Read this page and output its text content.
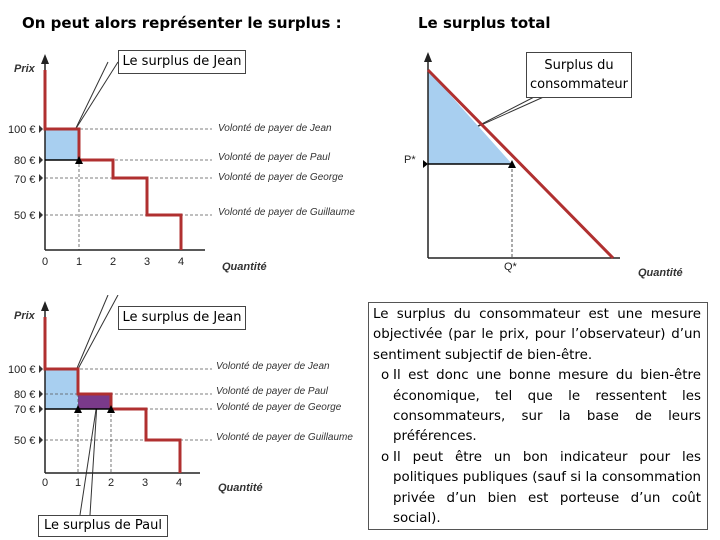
On peut alors représenter le surplus :	Le surplus total
100 €
80 €
70 €
50 €
0	1	2	3	4
Prix
Quantité
Volonté de payer de Jean
Volonté de payer de Paul
Volonté de payer de George
Volonté de payer de Guillaume
Le surplus de Jean
100 €
80 €
70 €
50 €
0 1 2	3	4
Prix
Quantité
Volonté de payer de Jean
Volonté de payer de Paul
Volonté de payer de George
Volonté de payer de Guillaume
Le surplus de Jean
Le surplus de Paul
P*
Q*	Quantité
Surplus du consommateur

Le surplus du consommateur est une mesure objectivée (par le prix, pour l’observateur) d’un sentiment subjectif de bien-être.

o Il est donc une bonne mesure du bien-être économique, tel que le ressentent les consommateurs, sur la base de leurs préférences.
o Il peut être un bon indicateur pour les politiques publiques (sauf si la consommation privée d’un bien est porteuse d’un coût social).
